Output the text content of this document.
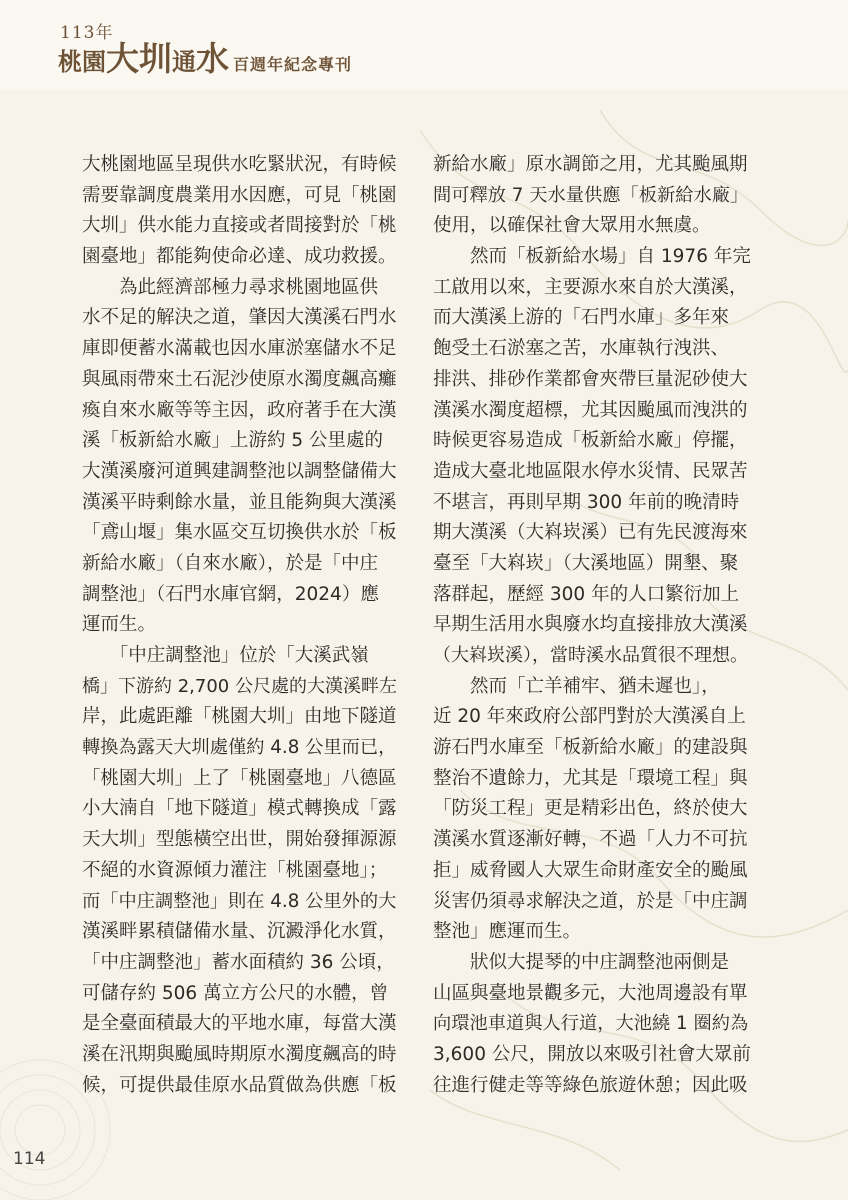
113年
桃園大圳通水 百週年紀念專刊
大桃園地區呈現供水吃緊狀況，有時候
需要靠調度農業用水因應，可見「桃園
大圳」供水能力直接或者間接對於「桃
園臺地」都能夠使命必達、成功救援。
　　為此經濟部極力尋求桃園地區供
水不足的解決之道，肇因大漢溪石門水
庫即便蓄水滿載也因水庫淤塞儲水不足
與風雨帶來土石泥沙使原水濁度飆高癱
瘓自來水廠等等主因，政府著手在大漢
溪「板新給水廠」上游約 5 公里處的
大漢溪廢河道興建調整池以調整儲備大
漢溪平時剩餘水量，並且能夠與大漢溪
「鳶山堰」集水區交互切換供水於「板
新給水廠」（自來水廠），於是「中庄
調整池」（石門水庫官網，2024）應
運而生。
　　「中庄調整池」位於「大溪武嶺
橋」下游約 2,700 公尺處的大漢溪畔左
岸，此處距離「桃園大圳」由地下隧道
轉換為露天大圳處僅約 4.8 公里而已，
「桃園大圳」上了「桃園臺地」八德區
小大湳自「地下隧道」模式轉換成「露
天大圳」型態橫空出世，開始發揮源源
不絕的水資源傾力灌注「桃園臺地」；
而「中庄調整池」則在 4.8 公里外的大
漢溪畔累積儲備水量、沉澱淨化水質，
「中庄調整池」蓄水面積約 36 公頃，
可儲存約 506 萬立方公尺的水體，曾
是全臺面積最大的平地水庫，每當大漢
溪在汛期與颱風時期原水濁度飆高的時
候，可提供最佳原水品質做為供應「板
新給水廠」原水調節之用，尤其颱風期
間可釋放 7 天水量供應「板新給水廠」
使用，以確保社會大眾用水無虞。
　　然而「板新給水場」自 1976 年完
工啟用以來，主要源水來自於大漢溪，
而大漢溪上游的「石門水庫」多年來
飽受土石淤塞之苦，水庫執行洩洪、
排洪、排砂作業都會夾帶巨量泥砂使大
漢溪水濁度超標，尤其因颱風而洩洪的
時候更容易造成「板新給水廠」停擺，
造成大臺北地區限水停水災情、民眾苦
不堪言，再則早期 300 年前的晚清時
期大漢溪（大嵙崁溪）已有先民渡海來
臺至「大嵙崁」（大溪地區）開墾、聚
落群起，歷經 300 年的人口繁衍加上
早期生活用水與廢水均直接排放大漢溪
（大嵙崁溪），當時溪水品質很不理想。
　　然而「亡羊補牢、猶未遲也」，
近 20 年來政府公部門對於大漢溪自上
游石門水庫至「板新給水廠」的建設與
整治不遺餘力，尤其是「環境工程」與
「防災工程」更是精彩出色，終於使大
漢溪水質逐漸好轉，不過「人力不可抗
拒」威脅國人大眾生命財產安全的颱風
災害仍須尋求解決之道，於是「中庄調
整池」應運而生。
　　狀似大提琴的中庄調整池兩側是
山區與臺地景觀多元，大池周邊設有單
向環池車道與人行道，大池繞 1 圈約為
3,600 公尺，開放以來吸引社會大眾前
往進行健走等等綠色旅遊休憩；因此吸
114
